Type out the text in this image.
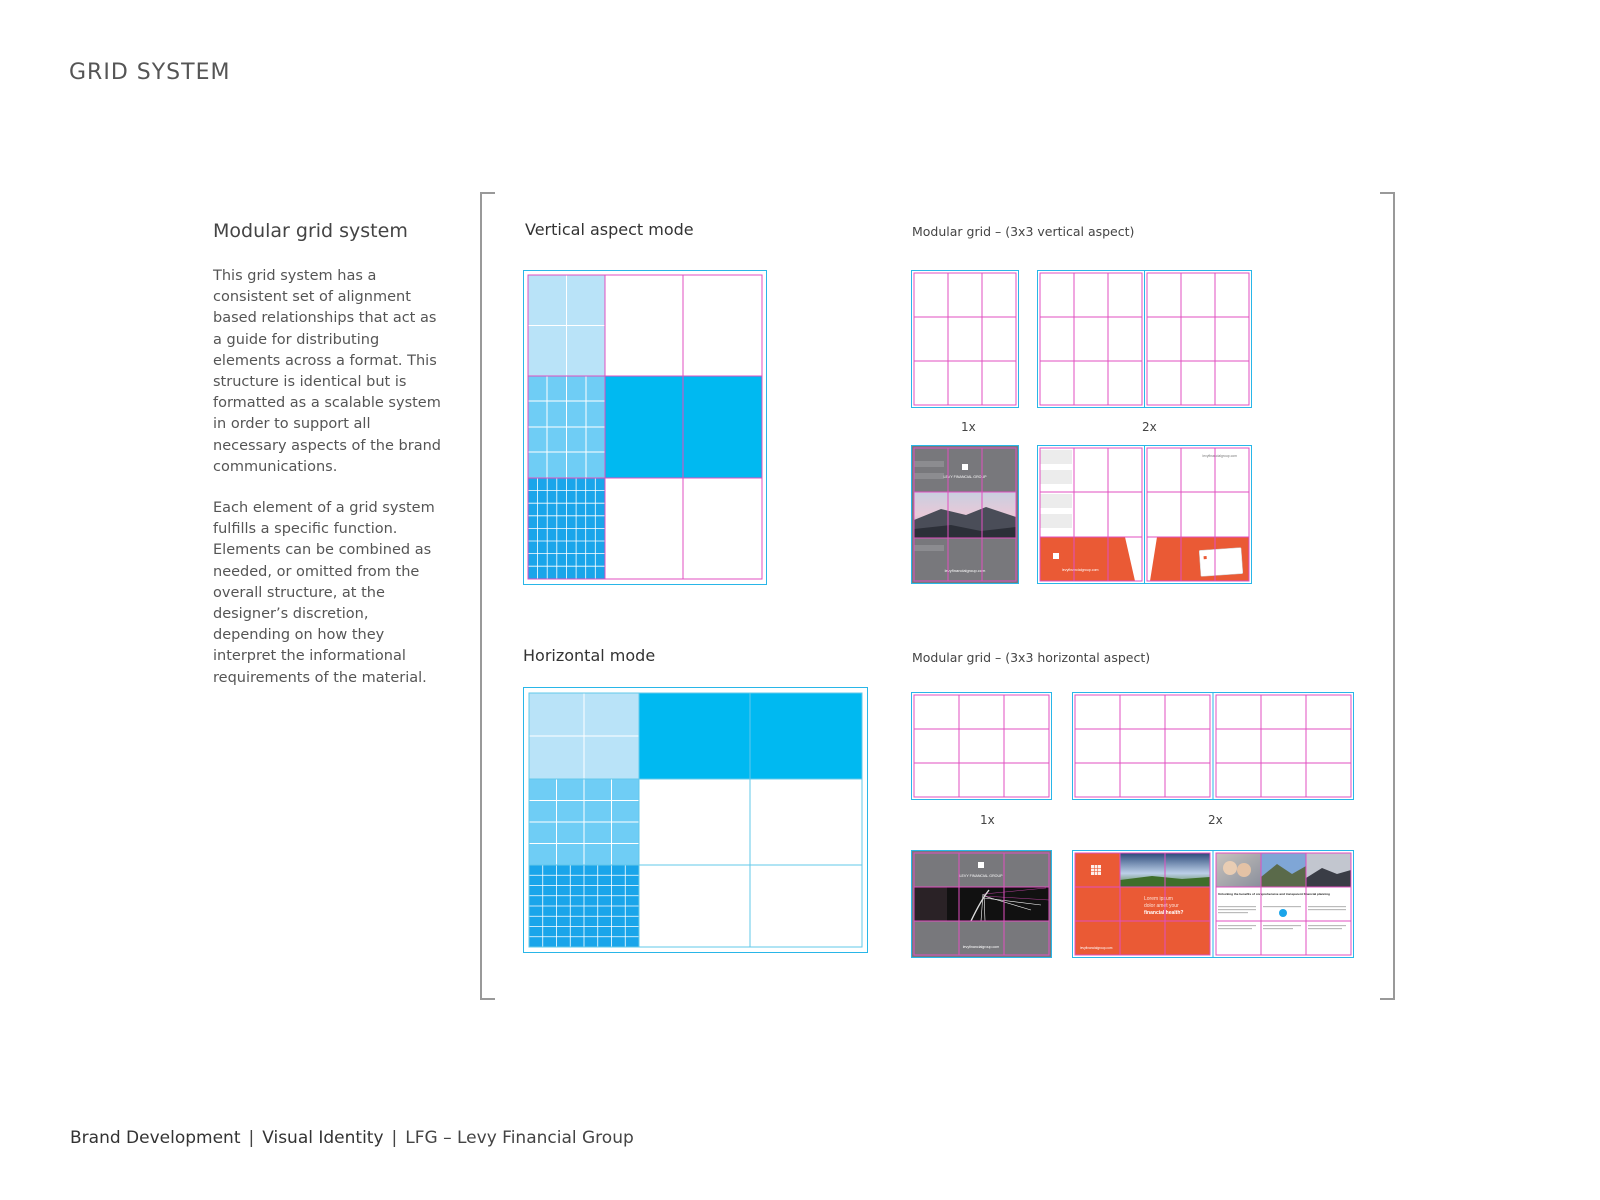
GRID SYSTEM
Modular grid system

This grid system has a consistent set of alignment based relationships that act as a guide for distributing elements across a format. This structure is identical but is formatted as a scalable system in order to support all necessary aspects of the brand communications.

Each element of a grid system fulfills a specific function. Elements can be combined as needed, or omitted from the overall structure, at the designer’s discretion, depending on how they interpret the informational requirements of the material.

Vertical aspect mode	Modular grid – (3x3 vertical aspect)
1x	2x
Horizontal mode	Modular grid – (3x3 horizontal aspect)
1x	2x
LEVY FINANCIAL GROUP
levyfinancialgroup.com	levyfinancialgroup.com
levyfinancialgroup.com
LEVY FINANCIAL GROUP
levyfinancialgroup.com
Lorem ipsum
dolor amet your
financial health?
levyfinancialgroup.com
Unlocking the benefits of comprehensive and transparent financial planning
Brand Development | Visual Identity | LFG – Levy Financial Group
